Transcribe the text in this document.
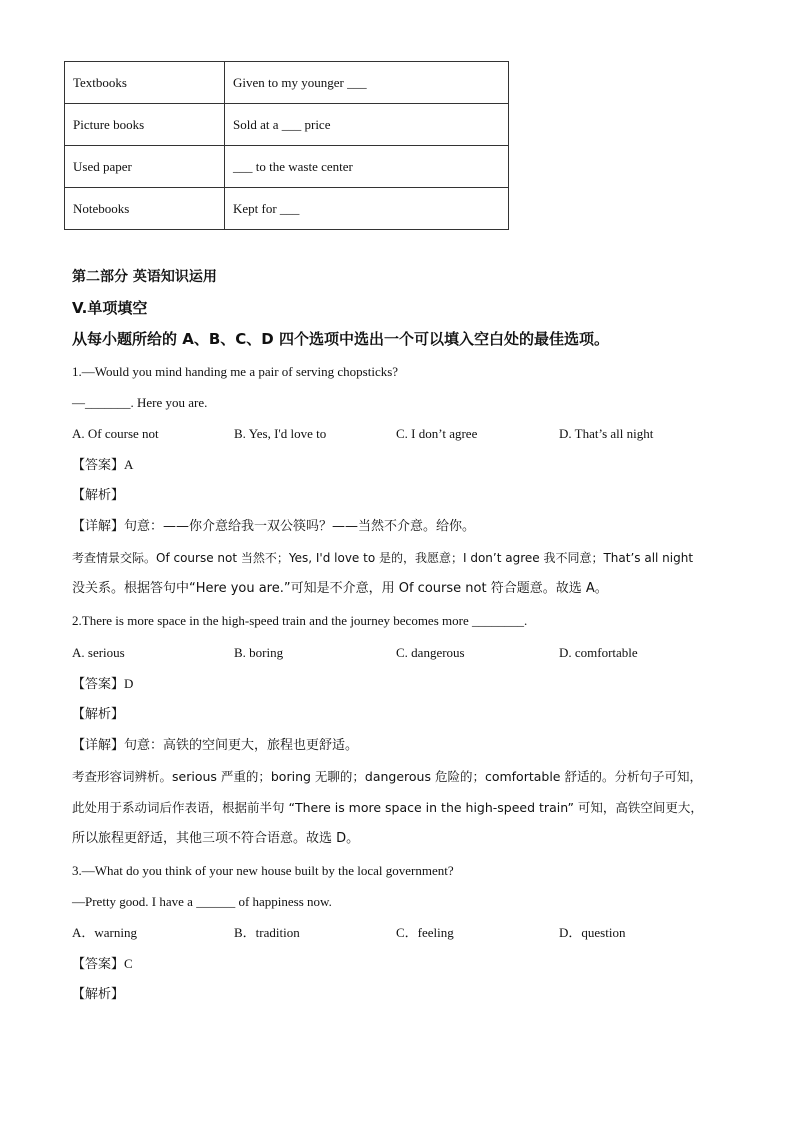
Textbooks	Given to my younger ___
Picture books	Sold at a ___ price
Used paper	___ to the waste center
Notebooks	Kept for ___
第二部分 英语知识运用
V.单项填空
从每小题所给的 A、B、C、D 四个选项中选出一个可以填入空白处的最佳选项。
1.—Would you mind handing me a pair of serving chopsticks?
—_______. Here you are.
A. Of course not	B. Yes, I'd love to	C. I don’t agree	D. That’s all night
【答案】A
【解析】
【详解】句意：——你介意给我一双公筷吗？——当然不介意。给你。
考查情景交际。Of course not 当然不；Yes, I'd love to 是的，我愿意；I don’t agree 我不同意；That’s all night
没关系。根据答句中“Here you are.”可知是不介意，用 Of course not 符合题意。故选 A。
2.There is more space in the high-speed train and the journey becomes more ________.
A. serious	B. boring	C. dangerous	D. comfortable
【答案】D
【解析】
【详解】句意：高铁的空间更大，旅程也更舒适。
考查形容词辨析。serious 严重的；boring 无聊的；dangerous 危险的；comfortable 舒适的。分析句子可知，
此处用于系动词后作表语，根据前半句 “There is more space in the high-speed train” 可知，高铁空间更大，
所以旅程更舒适，其他三项不符合语意。故选 D。
3.—What do you think of your new house built by the local government?
—Pretty good. I have a ______ of happiness now.
A．warning	B．tradition	C．feeling	D．question
【答案】C
【解析】
